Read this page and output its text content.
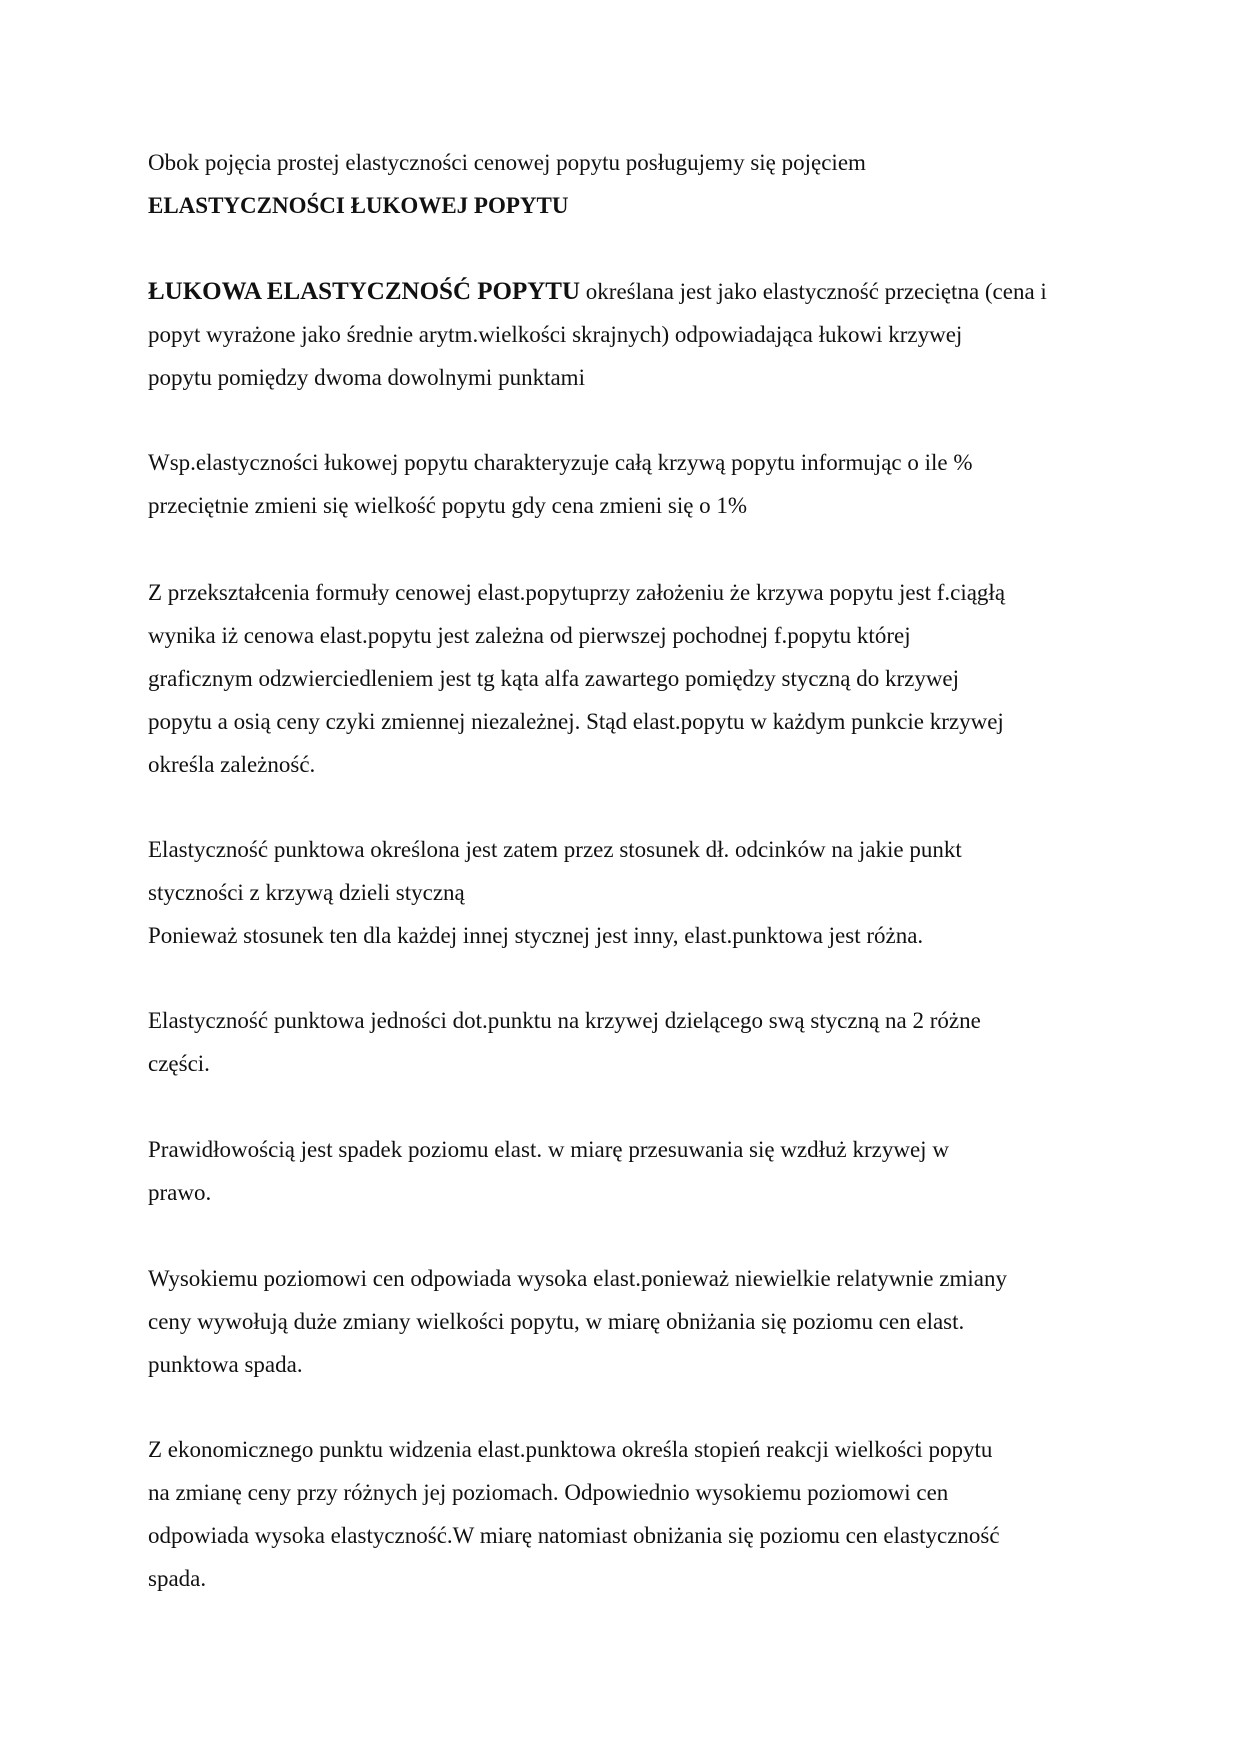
Obok pojęcia prostej elastyczności cenowej popytu posługujemy się pojęciem
ELASTYCZNOŚCI ŁUKOWEJ POPYTU
ŁUKOWA ELASTYCZNOŚĆ POPYTU określana jest jako elastyczność przeciętna (cena i
popyt wyrażone jako średnie arytm.wielkości skrajnych) odpowiadająca łukowi krzywej
popytu pomiędzy dwoma dowolnymi punktami
Wsp.elastyczności łukowej popytu charakteryzuje całą krzywą popytu informując o ile %
przeciętnie zmieni się wielkość popytu gdy cena zmieni się o 1%
Z przekształcenia formuły cenowej elast.popytuprzy założeniu że krzywa popytu jest f.ciągłą
wynika iż cenowa elast.popytu jest zależna od pierwszej pochodnej f.popytu której
graficznym odzwierciedleniem jest tg kąta alfa zawartego pomiędzy styczną do krzywej
popytu a osią ceny czyki zmiennej niezależnej. Stąd elast.popytu w każdym punkcie krzywej
określa zależność.
Elastyczność punktowa określona jest zatem przez stosunek dł. odcinków na jakie punkt
styczności z krzywą dzieli styczną
Ponieważ stosunek ten dla każdej innej stycznej jest inny, elast.punktowa jest różna.
Elastyczność punktowa jedności dot.punktu na krzywej dzielącego swą styczną na 2 różne
części.
Prawidłowością jest spadek poziomu elast. w miarę przesuwania się wzdłuż krzywej w
prawo.
Wysokiemu poziomowi cen odpowiada wysoka elast.ponieważ niewielkie relatywnie zmiany
ceny wywołują duże zmiany wielkości popytu, w miarę obniżania się poziomu cen elast.
punktowa spada.
Z ekonomicznego punktu widzenia elast.punktowa określa stopień reakcji wielkości popytu
na zmianę ceny przy różnych jej poziomach. Odpowiednio wysokiemu poziomowi cen
odpowiada wysoka elastyczność.W miarę natomiast obniżania się poziomu cen elastyczność
spada.
